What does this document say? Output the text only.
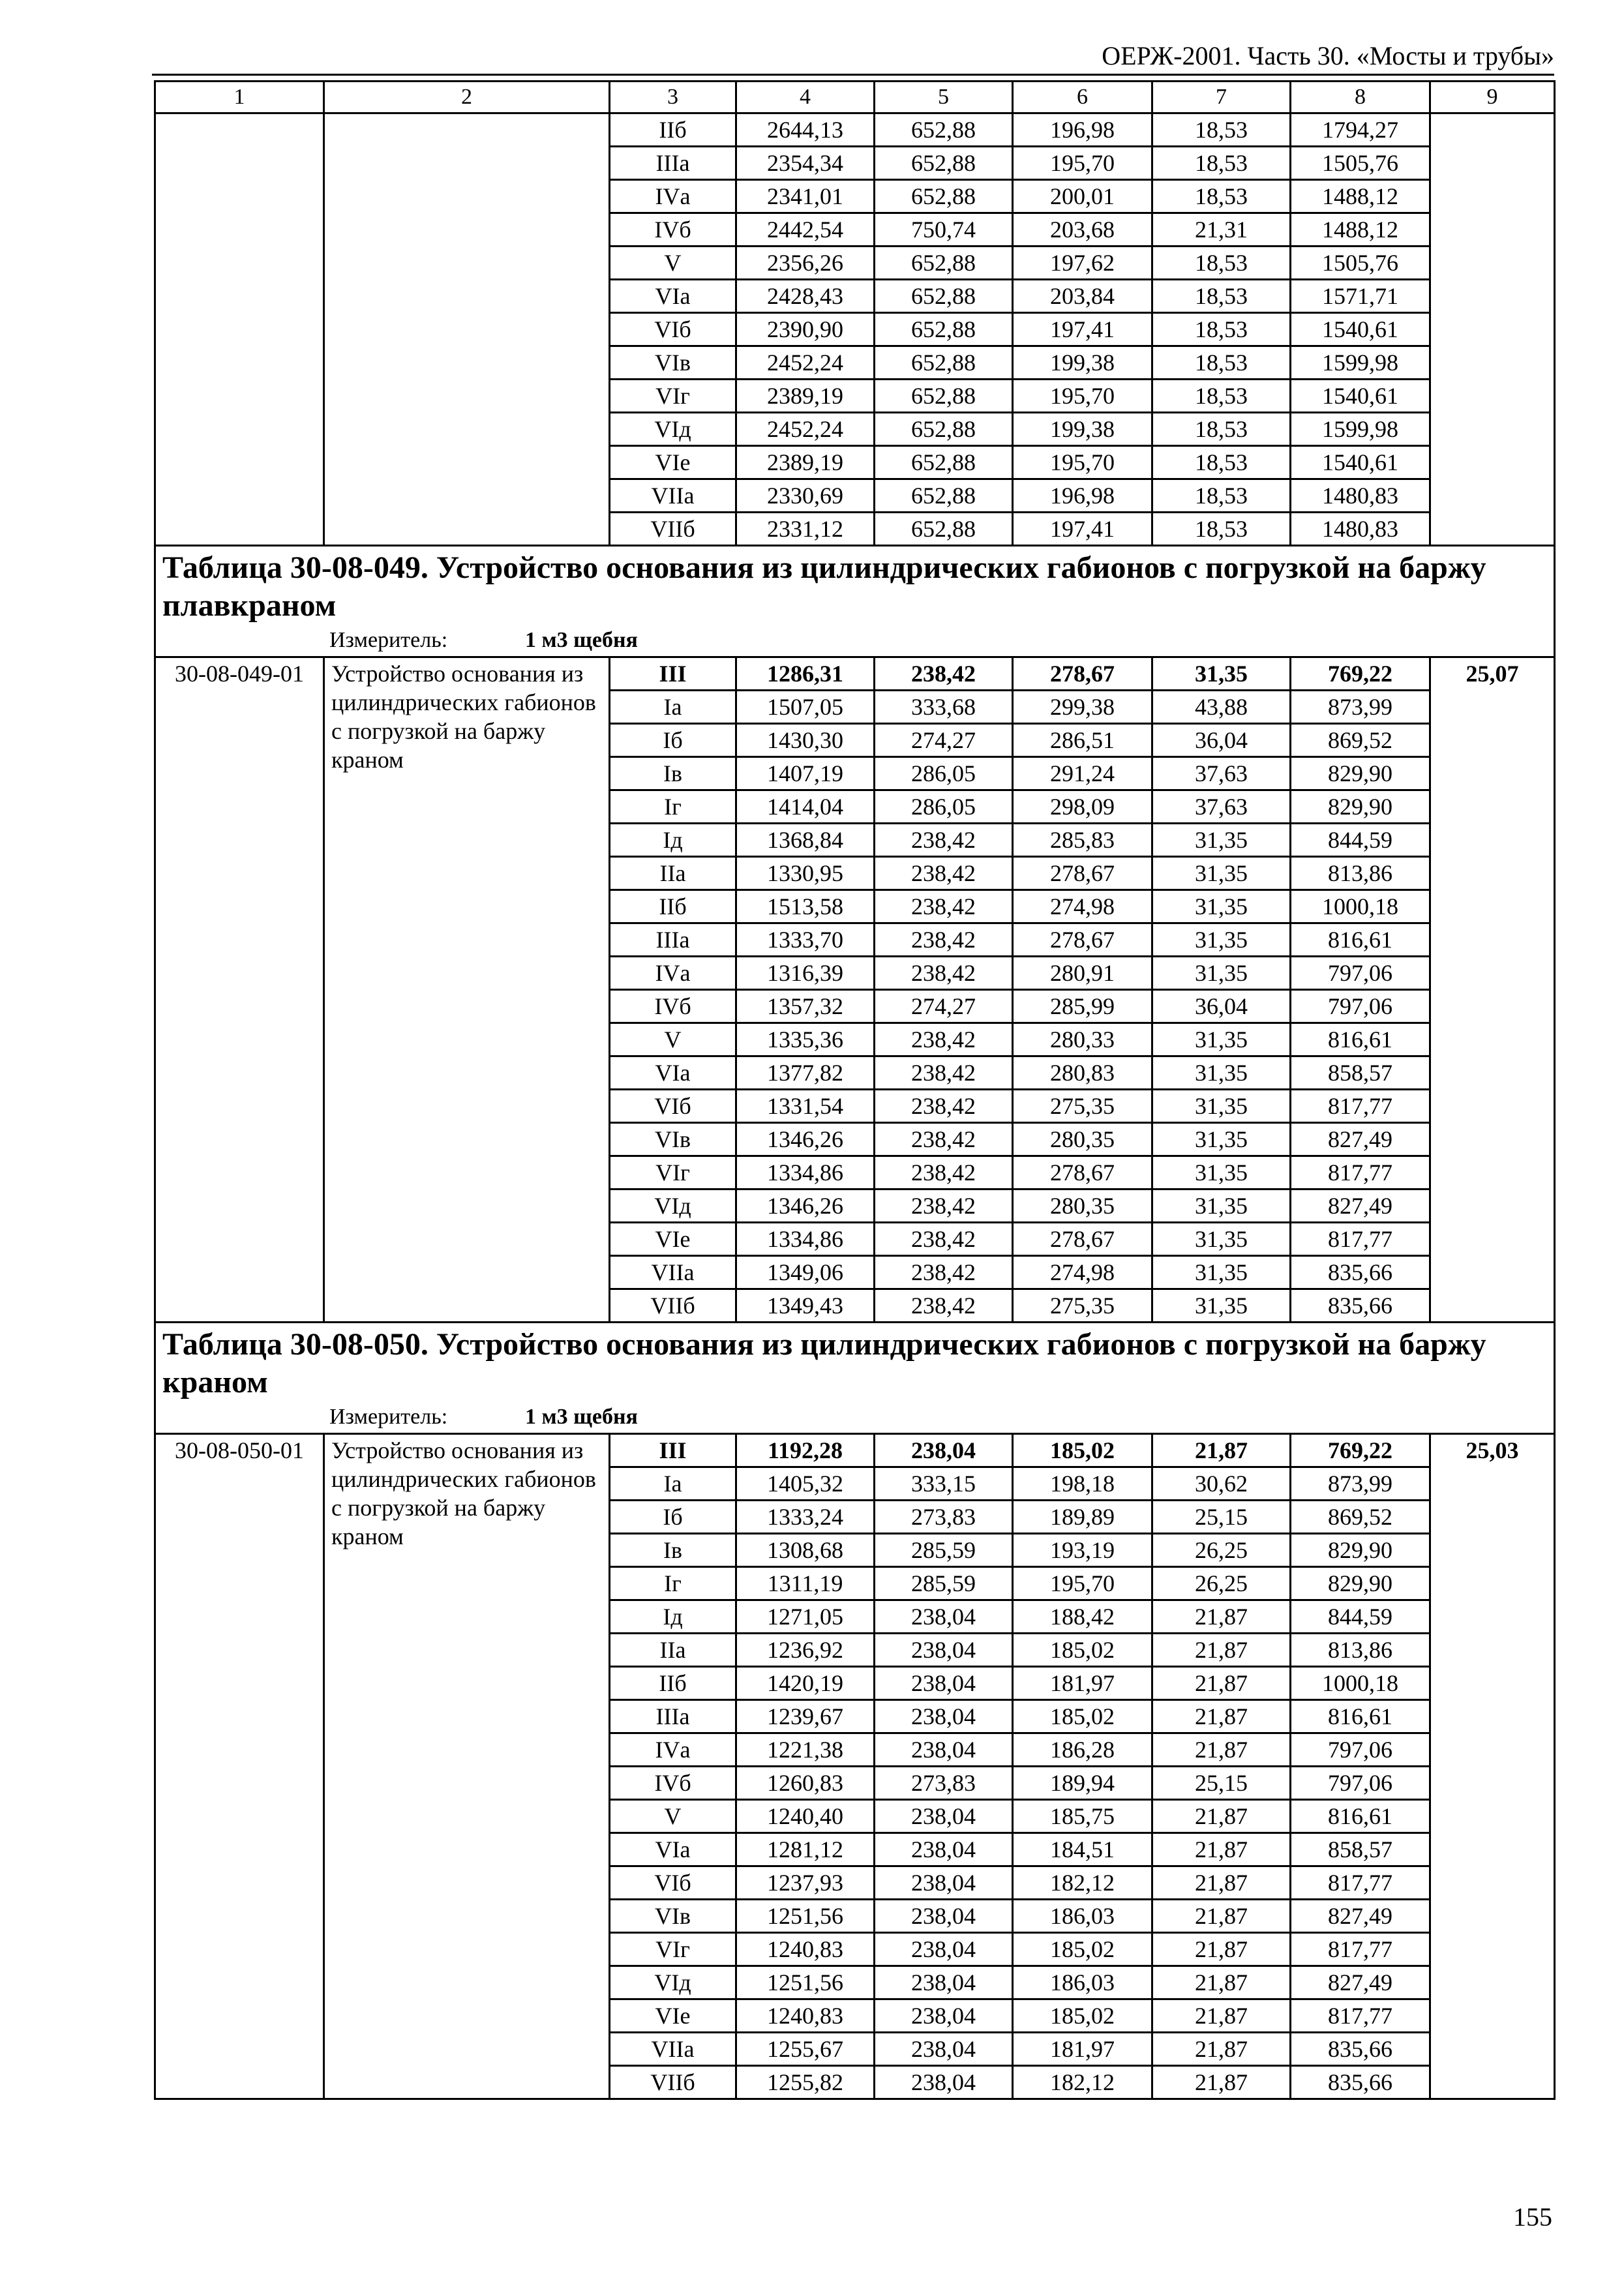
ОЕРЖ-2001. Часть 30. «Мосты и трубы»
1	2	3	4	5	6	7	8	9
		IIб	2644,13	652,88	196,98	18,53	1794,27	
		IIIа	2354,34	652,88	195,70	18,53	1505,76	
		IVа	2341,01	652,88	200,01	18,53	1488,12	
		IVб	2442,54	750,74	203,68	21,31	1488,12	
		V	2356,26	652,88	197,62	18,53	1505,76	
		VIа	2428,43	652,88	203,84	18,53	1571,71	
		VIб	2390,90	652,88	197,41	18,53	1540,61	
		VIв	2452,24	652,88	199,38	18,53	1599,98	
		VIг	2389,19	652,88	195,70	18,53	1540,61	
		VIд	2452,24	652,88	199,38	18,53	1599,98	
		VIе	2389,19	652,88	195,70	18,53	1540,61	
		VIIа	2330,69	652,88	196,98	18,53	1480,83	
		VIIб	2331,12	652,88	197,41	18,53	1480,83	
Таблица 30-08-049. Устройство основания из цилиндрических габионов с погрузкой на баржу плавкраном								
Измеритель: 1 м3 щебня								
30-08-049-01	Устройство основания из цилиндрических габионов с погрузкой на баржу краном	III	1286,31	238,42	278,67	31,35	769,22	25,07
		Iа	1507,05	333,68	299,38	43,88	873,99	
		Iб	1430,30	274,27	286,51	36,04	869,52	
		Iв	1407,19	286,05	291,24	37,63	829,90	
		Iг	1414,04	286,05	298,09	37,63	829,90	
		Iд	1368,84	238,42	285,83	31,35	844,59	
		IIа	1330,95	238,42	278,67	31,35	813,86	
		IIб	1513,58	238,42	274,98	31,35	1000,18	
		IIIа	1333,70	238,42	278,67	31,35	816,61	
		IVа	1316,39	238,42	280,91	31,35	797,06	
		IVб	1357,32	274,27	285,99	36,04	797,06	
		V	1335,36	238,42	280,33	31,35	816,61	
		VIа	1377,82	238,42	280,83	31,35	858,57	
		VIб	1331,54	238,42	275,35	31,35	817,77	
		VIв	1346,26	238,42	280,35	31,35	827,49	
		VIг	1334,86	238,42	278,67	31,35	817,77	
		VIд	1346,26	238,42	280,35	31,35	827,49	
		VIе	1334,86	238,42	278,67	31,35	817,77	
		VIIа	1349,06	238,42	274,98	31,35	835,66	
		VIIб	1349,43	238,42	275,35	31,35	835,66	
Таблица 30-08-050. Устройство основания из цилиндрических габионов с погрузкой на баржу краном								
Измеритель: 1 м3 щебня								
30-08-050-01	Устройство основания из цилиндрических габионов с погрузкой на баржу краном	III	1192,28	238,04	185,02	21,87	769,22	25,03
		Iа	1405,32	333,15	198,18	30,62	873,99	
		Iб	1333,24	273,83	189,89	25,15	869,52	
		Iв	1308,68	285,59	193,19	26,25	829,90	
		Iг	1311,19	285,59	195,70	26,25	829,90	
		Iд	1271,05	238,04	188,42	21,87	844,59	
		IIа	1236,92	238,04	185,02	21,87	813,86	
		IIб	1420,19	238,04	181,97	21,87	1000,18	
		IIIа	1239,67	238,04	185,02	21,87	816,61	
		IVа	1221,38	238,04	186,28	21,87	797,06	
		IVб	1260,83	273,83	189,94	25,15	797,06	
		V	1240,40	238,04	185,75	21,87	816,61	
		VIа	1281,12	238,04	184,51	21,87	858,57	
		VIб	1237,93	238,04	182,12	21,87	817,77	
		VIв	1251,56	238,04	186,03	21,87	827,49	
		VIг	1240,83	238,04	185,02	21,87	817,77	
		VIд	1251,56	238,04	186,03	21,87	827,49	
		VIе	1240,83	238,04	185,02	21,87	817,77	
		VIIа	1255,67	238,04	181,97	21,87	835,66	
		VIIб	1255,82	238,04	182,12	21,87	835,66	
155
